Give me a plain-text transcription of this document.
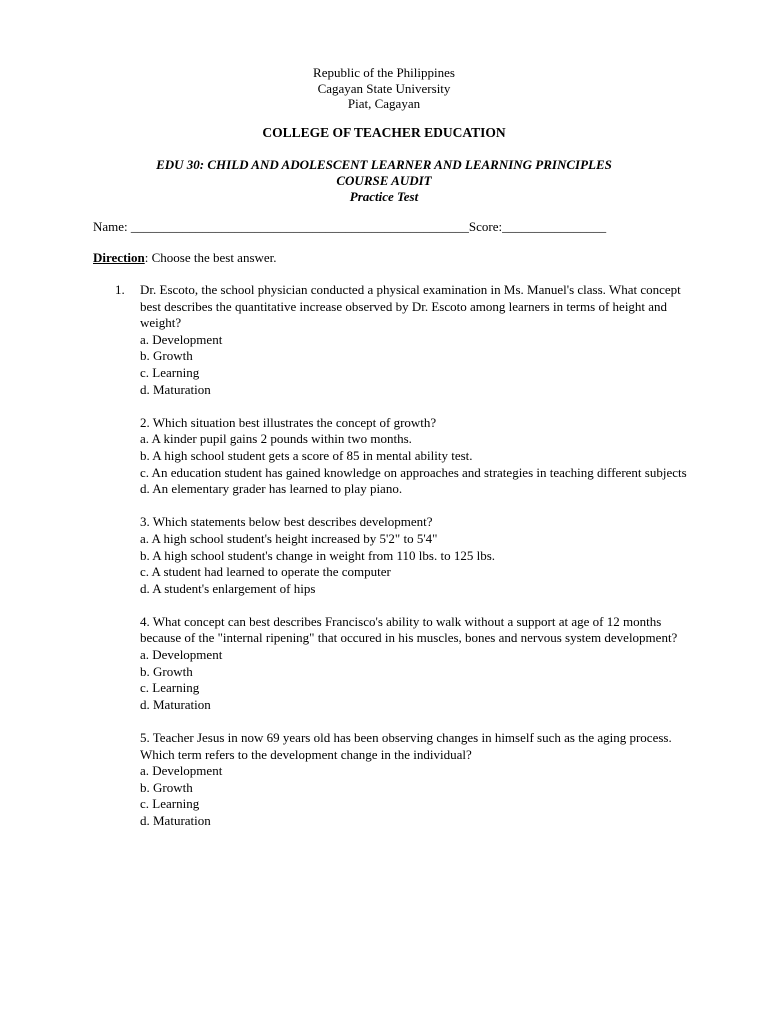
Republic of the Philippines
Cagayan State University
Piat, Cagayan
COLLEGE OF TEACHER EDUCATION
EDU 30: CHILD AND ADOLESCENT LEARNER AND LEARNING PRINCIPLES
COURSE AUDIT
Practice Test
Name: ____________________________________________________Score:________________
Direction: Choose the best answer.
1. Dr. Escoto, the school physician conducted a physical examination in Ms. Manuel's class. What concept best describes the quantitative increase observed by Dr. Escoto among learners in terms of height and weight?

a. Development

b. Growth

c. Learning

d. Maturation

2. Which situation best illustrates the concept of growth?

a. A kinder pupil gains 2 pounds within two months.

b. A high school student gets a score of 85 in mental ability test.

c. An education student has gained knowledge on approaches and strategies in teaching different subjects

d. An elementary grader has learned to play piano.

3. Which statements below best describes development?

a. A high school student's height increased by 5'2" to 5'4"

b. A high school student's change in weight from 110 lbs. to 125 lbs.

c. A student had learned to operate the computer

d. A student's enlargement of hips

4. What concept can best describes Francisco's ability to walk without a support at age of 12 months because of the "internal ripening" that occured in his muscles, bones and nervous system development?

a. Development

b. Growth

c. Learning

d. Maturation

5. Teacher Jesus in now 69 years old has been observing changes in himself such as the aging process. Which term refers to the development change in the individual?

a. Development

b. Growth

c. Learning

d. Maturation
